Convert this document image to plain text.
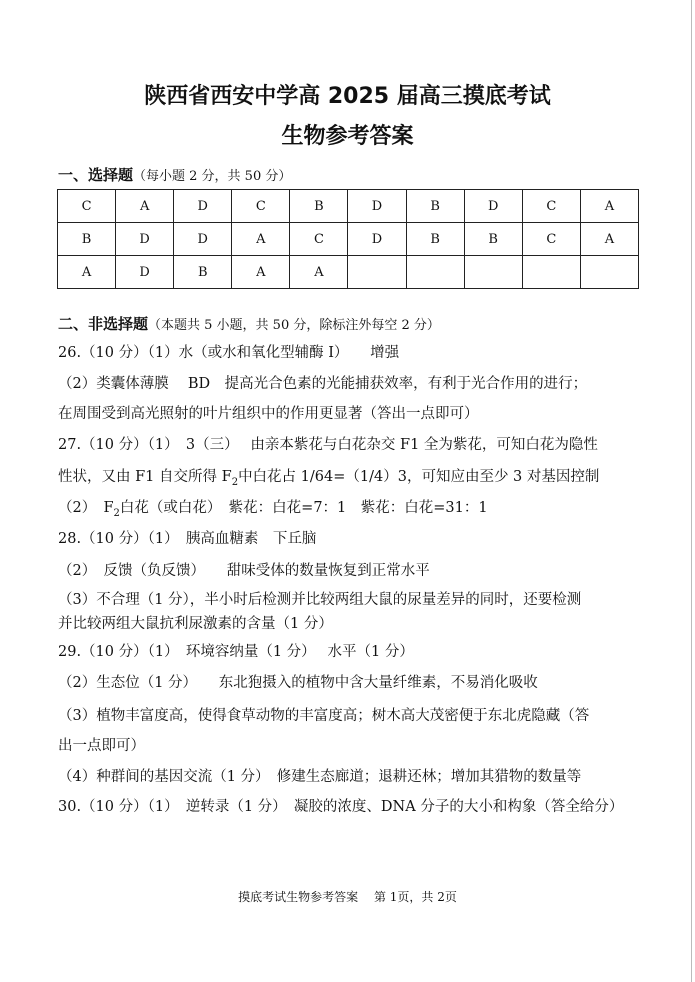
陕西省西安中学高 2025 届高三摸底考试
生物参考答案
一、选择题（每小题 2 分，共 50 分）
C	A	D	C	B	D	B	D	C	A
B	D	D	A	C	D	B	B	C	A
A	D	B	A	A					
二、非选择题（本题共 5 小题，共 50 分，除标注外每空 2 分）
26.（10 分）（1）水（或水和氧化型辅酶 I）　　增强
（2）类囊体薄膜　 BD　提高光合色素的光能捕获效率，有利于光合作用的进行；
在周围受到高光照射的叶片组织中的作用更显著（答出一点即可）
27.（10 分）（1）　3（三）　 由亲本紫花与白花杂交 F1 全为紫花，可知白花为隐性
性状，又由 F1 自交所得 $F_2$中白花占 1/64=（1/4）3，可知应由至少 3 对基因控制
（2）　$F_2$白花（或白花）　紫花：白花=7：1　紫花：白花=31：1
28.（10 分）（1）　胰高血糖素　下丘脑
（2）　反馈（负反馈）　　甜味受体的数量恢复到正常水平
（3）不合理（1 分），半小时后检测并比较两组大鼠的尿量差异的同时，还要检测
并比较两组大鼠抗利尿激素的含量（1 分）
29.（10 分）（1）　环境容纳量（1 分）　 水平（1 分）
（2）生态位（1 分）　　东北狍摄入的植物中含大量纤维素，不易消化吸收
（3）植物丰富度高，使得食草动物的丰富度高；树木高大茂密便于东北虎隐藏（答
出一点即可）
（4）种群间的基因交流（1 分）　修建生态廊道；退耕还林；增加其猎物的数量等
30.（10 分）（1）　逆转录（1 分）　凝胶的浓度、DNA 分子的大小和构象（答全给分）
摸底考试生物参考答案　 第 1页，共 2页
